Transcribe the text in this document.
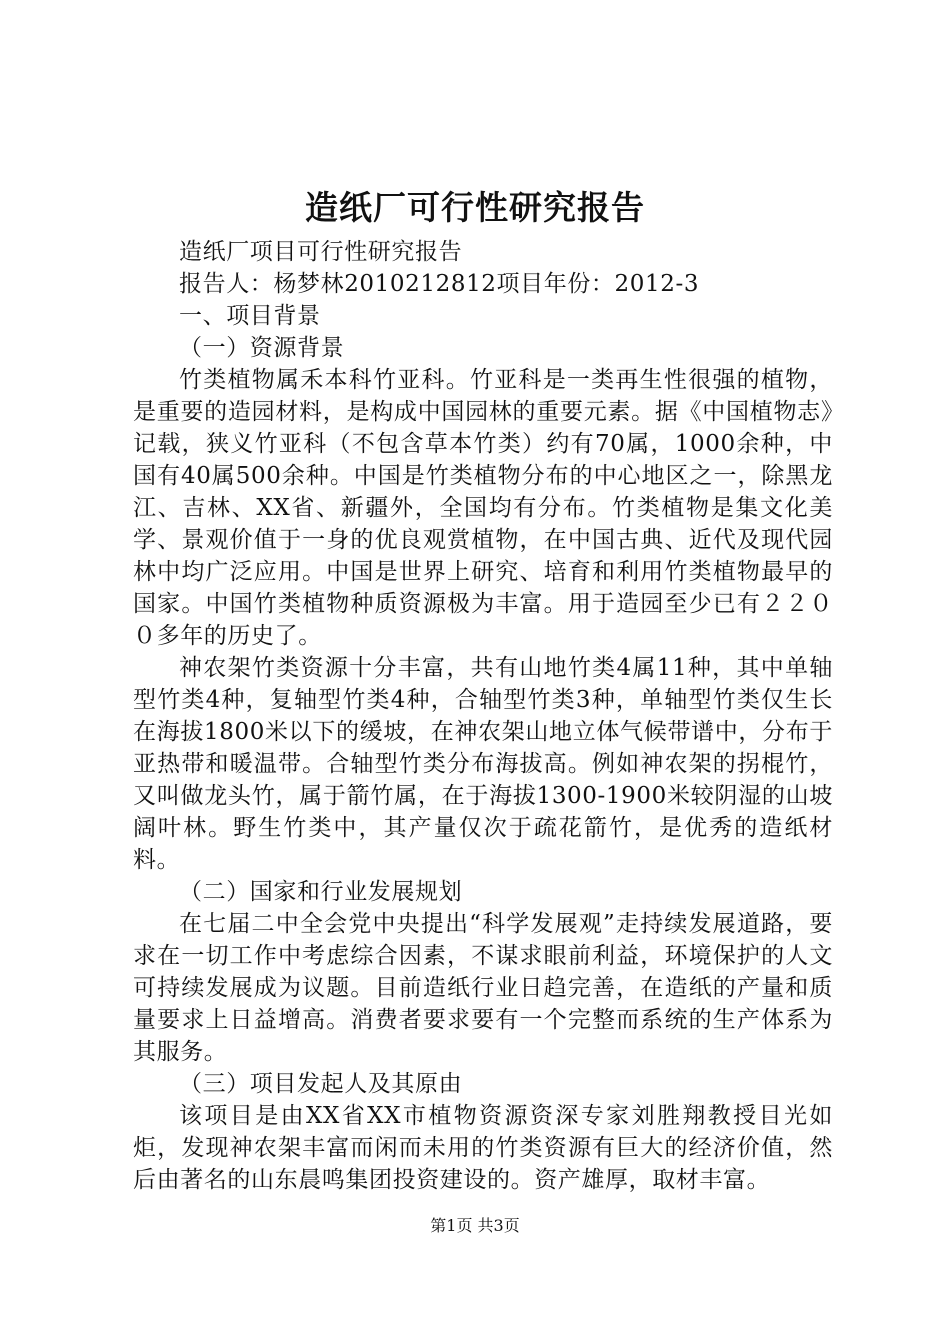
造纸厂可行性研究报告

造纸厂项目可行性研究报告

报告人：杨梦林2010212812项目年份：2012-3

一、项目背景

（一）资源背景

竹类植物属禾本科竹亚科。竹亚科是一类再生性很强的植物，是重要的造园材料，是构成中国园林的重要元素。据《中国植物志》记载，狭义竹亚科（不包含草本竹类）约有70属，1000余种，中国有40属500余种。中国是竹类植物分布的中心地区之一，除黑龙江、吉林、XX省、新疆外，全国均有分布。竹类植物是集文化美学、景观价值于一身的优良观赏植物，在中国古典、近代及现代园林中均广泛应用。中国是世界上研究、培育和利用竹类植物最早的国家。中国竹类植物种质资源极为丰富。用于造园至少已有２２００多年的历史了。

神农架竹类资源十分丰富，共有山地竹类4属11种，其中单轴型竹类4种，复轴型竹类4种，合轴型竹类3种，单轴型竹类仅生长在海拔1800米以下的缓坡，在神农架山地立体气候带谱中，分布于亚热带和暖温带。合轴型竹类分布海拔高。例如神农架的拐棍竹，又叫做龙头竹，属于箭竹属，在于海拔1300-1900米较阴湿的山坡阔叶林。野生竹类中，其产量仅次于疏花箭竹，是优秀的造纸材料。

（二）国家和行业发展规划

在七届二中全会党中央提出“科学发展观”走持续发展道路，要求在一切工作中考虑综合因素，不谋求眼前利益，环境保护的人文可持续发展成为议题。目前造纸行业日趋完善，在造纸的产量和质量要求上日益增高。消费者要求要有一个完整而系统的生产体系为其服务。

（三）项目发起人及其原由

该项目是由XX省XX市植物资源资深专家刘胜翔教授目光如炬，发现神农架丰富而闲而未用的竹类资源有巨大的经济价值，然后由著名的山东晨鸣集团投资建设的。资产雄厚，取材丰富。

第1页 共3页
